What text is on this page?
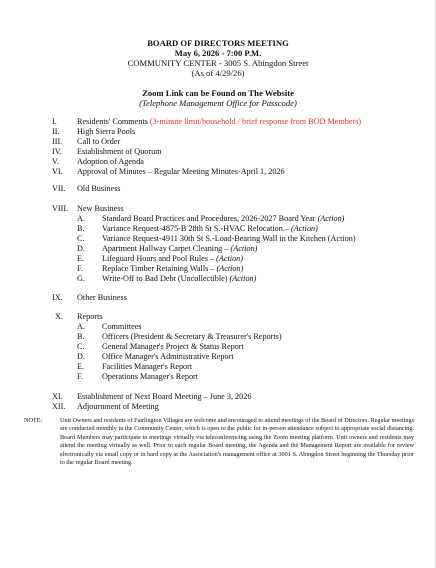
BOARD OF DIRECTORS MEETING
May 6, 2026 - 7:00 P.M.
COMMUNITY CENTER - 3005 S. Abingdon Street
(As of 4/29/26)
Zoom Link can be Found on The Website
(Telephone Management Office for Passcode)
I. Residents' Comments (3-minute limit/household / brief response from BOD Members)
II. High Sierra Pools
III. Call to Order
IV. Establishment of Quorum
V. Adoption of Agenda
VI. Approval of Minutes – Regular Meeting Minutes-April 1, 2026
VII. Old Business
VIII. New Business
A. Standard Board Practices and Procedures, 2026-2027 Board Year (Action)
B. Variance Request-4875-B 28th St S.-HVAC Relocation.– (Action)
C. Variance Request-4911 30th St S.-Load-Bearing Wall in the Kitchen (Action)
D. Apartment Hallway Carpet Cleaning – (Action)
E. Lifeguard Hours and Pool Rules – (Action)
F. Replace Timber Retaining Walls – (Action)
G. Write-Off to Bad Debt (Uncollectible) (Action)
IX. Other Business
X. Reports
A. Committees
B. Officers (President & Secretary & Treasurer's Reports)
C. General Manager's Project & Status Report
D. Office Manager's Administrative Report
E. Facilities Manager's Report
F. Operations Manager's Report
XI. Establishment of Next Board Meeting – June 3, 2026
XII. Adjournment of Meeting
NOTE:	Unit Owners and residents of Fairlington Villages are welcome and encouraged to attend meetings of the Board of Directors. Regular meetings are conducted monthly in the Community Center, which is open to the public for in-person attendance subject to appropriate social distancing. Board Members may participate in meetings virtually via teleconferencing using the Zoom meeting platform. Unit owners and residents may attend the meeting virtually as well. Prior to each regular Board meeting, the Agenda and the Management Report are available for review electronically via email copy or in hard copy at the Association's management office at 3001 S. Abingdon Street beginning the Thursday prior to the regular Board meeting.
